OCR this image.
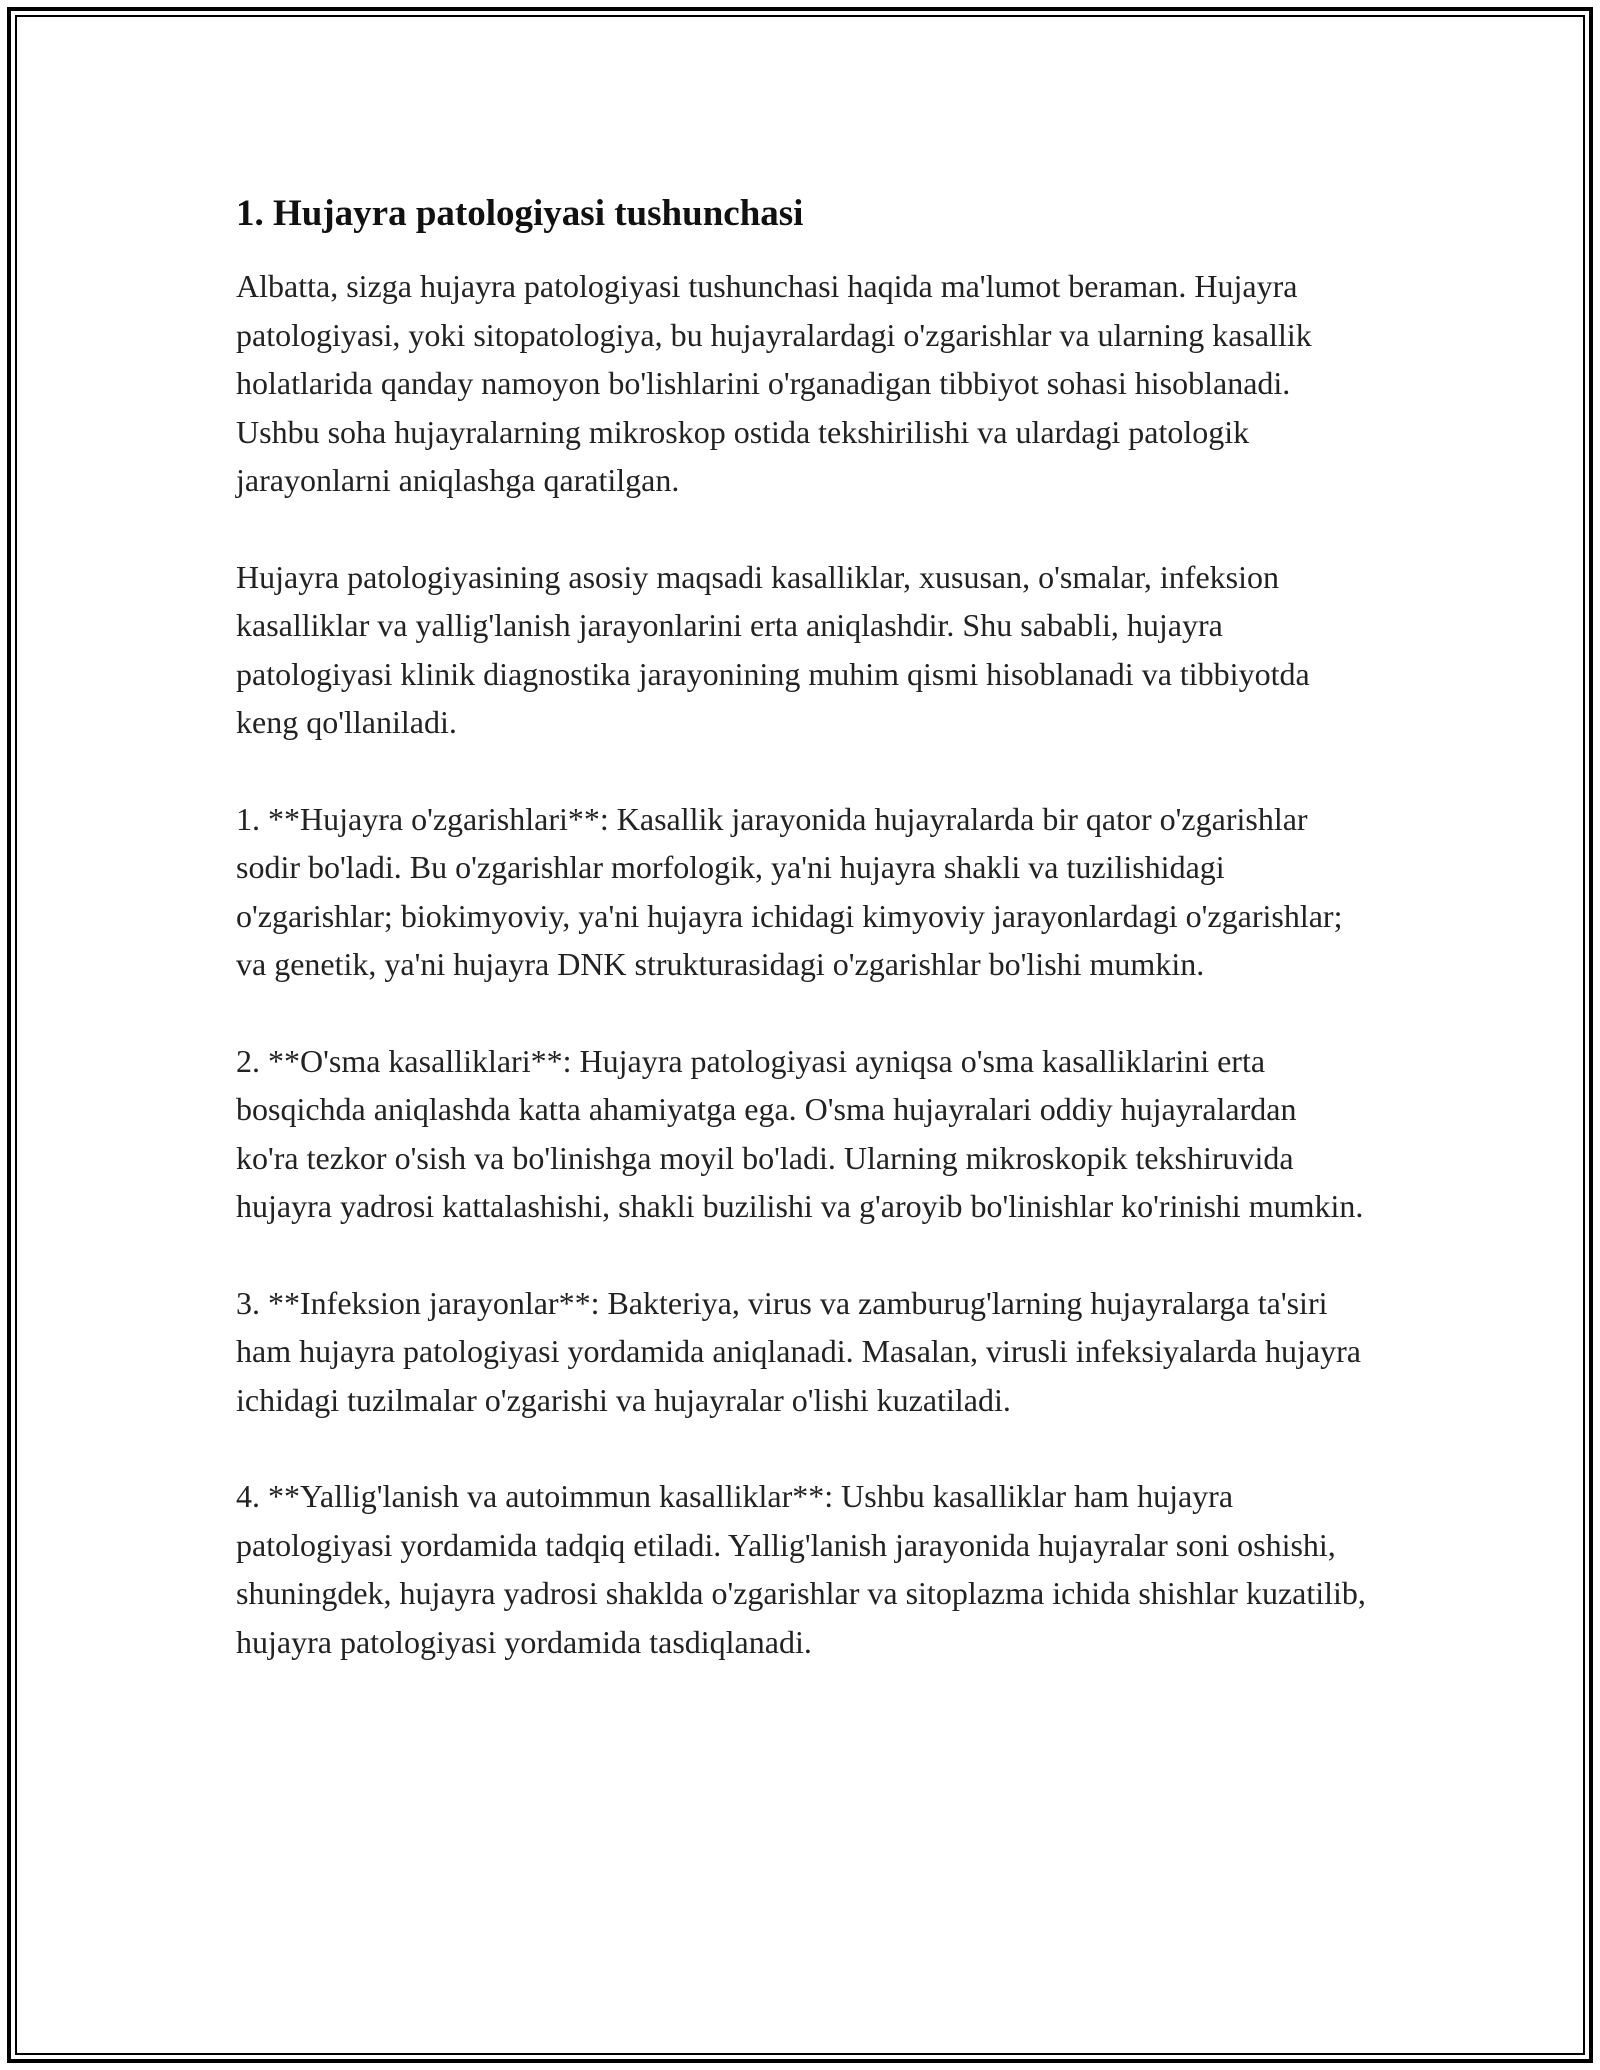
1. Hujayra patologiyasi tushunchasi

Albatta, sizga hujayra patologiyasi tushunchasi haqida ma'lumot beraman. Hujayra patologiyasi, yoki sitopatologiya, bu hujayralardagi o'zgarishlar va ularning kasallik holatlarida qanday namoyon bo'lishlarini o'rganadigan tibbiyot sohasi hisoblanadi. Ushbu soha hujayralarning mikroskop ostida tekshirilishi va ulardagi patologik jarayonlarni aniqlashga qaratilgan.

Hujayra patologiyasining asosiy maqsadi kasalliklar, xususan, o'smalar, infeksion kasalliklar va yallig'lanish jarayonlarini erta aniqlashdir. Shu sababli, hujayra patologiyasi klinik diagnostika jarayonining muhim qismi hisoblanadi va tibbiyotda keng qo'llaniladi.

1. **Hujayra o'zgarishlari**: Kasallik jarayonida hujayralarda bir qator o'zgarishlar sodir bo'ladi. Bu o'zgarishlar morfologik, ya'ni hujayra shakli va tuzilishidagi o'zgarishlar; biokimyoviy, ya'ni hujayra ichidagi kimyoviy jarayonlardagi o'zgarishlar; va genetik, ya'ni hujayra DNK strukturasidagi o'zgarishlar bo'lishi mumkin.

2. **O'sma kasalliklari**: Hujayra patologiyasi ayniqsa o'sma kasalliklarini erta bosqichda aniqlashda katta ahamiyatga ega. O'sma hujayralari oddiy hujayralardan ko'ra tezkor o'sish va bo'linishga moyil bo'ladi. Ularning mikroskopik tekshiruvida hujayra yadrosi kattalashishi, shakli buzilishi va g'aroyib bo'linishlar ko'rinishi mumkin.

3. **Infeksion jarayonlar**: Bakteriya, virus va zamburug'larning hujayralarga ta'siri ham hujayra patologiyasi yordamida aniqlanadi. Masalan, virusli infeksiyalarda hujayra ichidagi tuzilmalar o'zgarishi va hujayralar o'lishi kuzatiladi.

4. **Yallig'lanish va autoimmun kasalliklar**: Ushbu kasalliklar ham hujayra patologiyasi yordamida tadqiq etiladi. Yallig'lanish jarayonida hujayralar soni oshishi, shuningdek, hujayra yadrosi shaklda o'zgarishlar va sitoplazma ichida shishlar kuzatilib, hujayra patologiyasi yordamida tasdiqlanadi.
